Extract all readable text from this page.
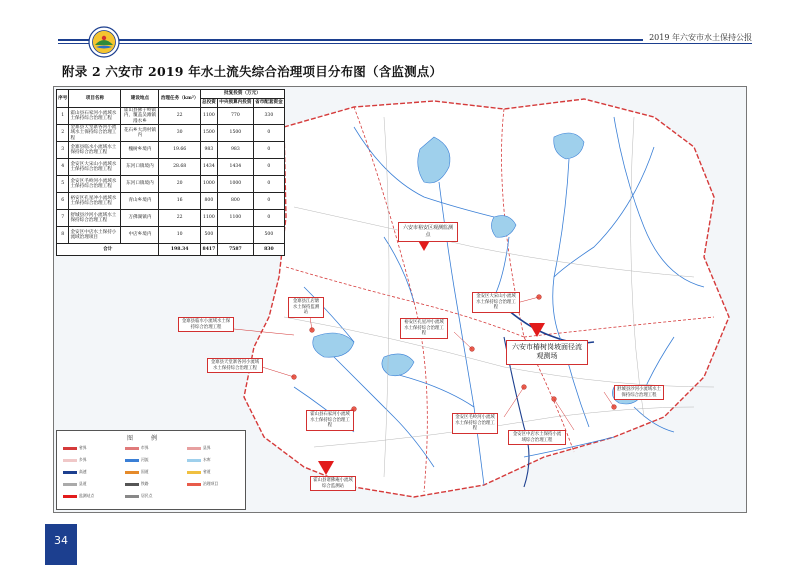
2019 年六安市水土保持公报
附录 2 六安市 2019 年水土流失综合治理项目分布图（含监测点）
序号	项目名称	建设地点	治理任务（km²）	批复投资（万元）		
				总投资	中央预算内投资	省市配套资金
1	霍山县石家河小流域水土保持综合治理工程	霍山县佛子岭镇内，覆盖吴滩镇漫水乡	22	1100	770	330
2	金寨县天堂寨各河小流域水土保持综合治理工程	花石乡大湾村镇内	30	1500	1500	0
3	金寨县临水小流域水土保持综合治理工程	槐树乡境内	19.66	983	983	0
4	金安区大宋山小流域水土保持综合治理工程	东河口镇境内	28.68	1434	1434	0
5	金安区毛岭河小流域水土保持综合治理工程	东河口镇境内	20	1000	1000	0
6	裕安区孔星冲小流域水土保持综合治理工程	青山乡境内	16	800	800	0
7	舒城县沙河小流域水土保持综合治理工程	万佛湖镇内	22	1100	1100	0
8	金安区中店水土保持小流域治理项目	中店乡境内	10	500		500
合计			198.34	8417	7587	830
金寨县江店塘水土保持监测站
金寨县临水小流域水土保持综合治理工程
金寨县天堂寨各河小流域水土保持综合治理工程
霍山县石家河小流域水土保持综合治理工程
裕安区孔星冲小流域水土保持综合治理工程
金安区大宋山小流域水土保持综合治理工程
金安区毛岭河小流域水土保持综合治理工程
金安区中店水土保持小流域综合治理工程
舒城县沙河小流域水土保持综合治理工程
霍山县诸佛庵小流域综合监测站
六安市裕安区观测监测点
六安市椿树岗坡面径流观测场
图例
省界	市界	县界
乡界	河流	水库
高速	国道	省道
县道	铁路	治理项目
监测站点	居民点
34
